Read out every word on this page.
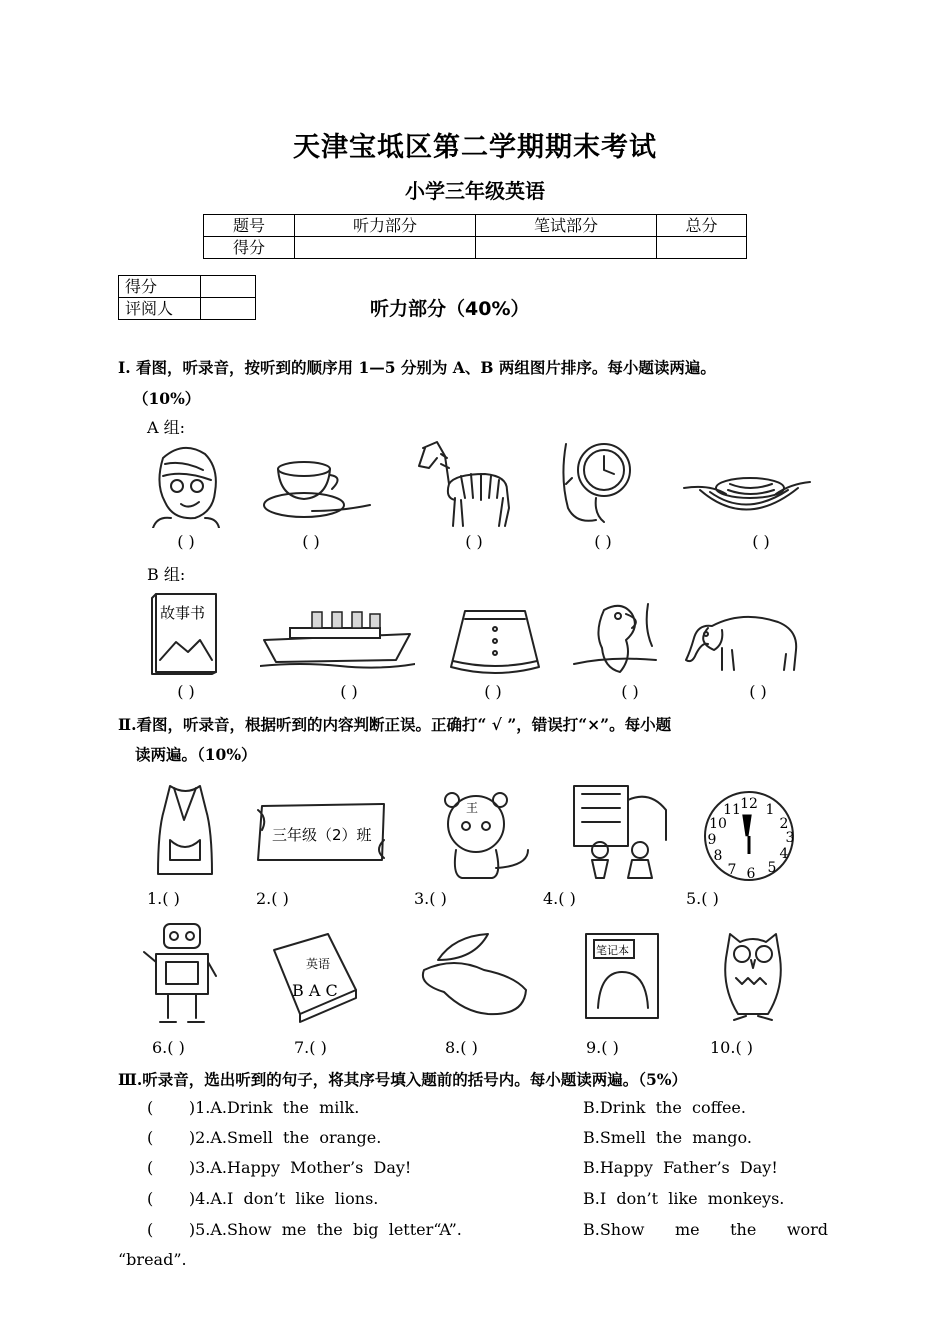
天津宝坻区第二学期期末考试
小学三年级英语
题号	听力部分	笔试部分	总分
得分			
得分	
评阅人		听力部分（40%）
Ⅰ. 看图，听录音，按听到的顺序用 1—5 分别为 A、B 两组图片排序。每小题读两遍。
（10%）
A 组:
( )	( )	( )	( )	( )
B 组:
故事书
( )	( )	( )	( )	( )
Ⅱ.看图，听录音，根据听到的内容判断正误。正确打“ √ ”，错误打“×”。每小题
读两遍。（10%）
三年级（2）班
王	12 1
2
3
4
5
6
7
8
9
10
11
1.( )	2.( )	3.( )	4.( )	5.( )
英语
B A C
笔记本
6.( )	7.( )	8.( )	9.( )	10.( )
Ⅲ.听录音，选出听到的句子，将其序号填入题前的括号内。每小题读两遍。（5%）
(       )1.A.Drink  the  milk.	B.Drink  the  coffee.
(       )2.A.Smell  the  orange.	B.Smell  the  mango.
(       )3.A.Happy  Mother’s  Day!	B.Happy  Father’s  Day!
(       )4.A.I  don’t  like  lions.	B.I  don’t  like  monkeys.
(       )5.A.Show  me  the  big  letter“A”.	B.Show      me      the      word
“bread”.
